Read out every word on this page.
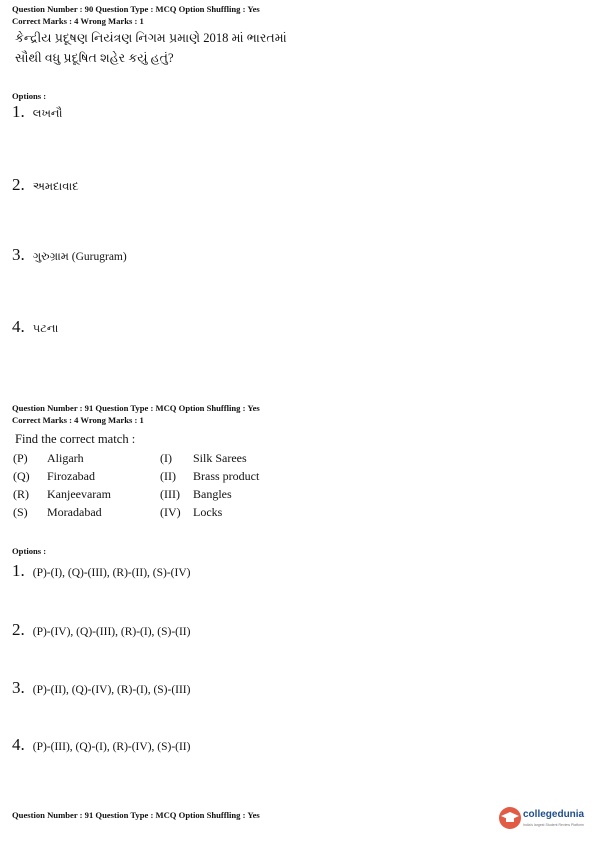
Question Number : 90 Question Type : MCQ Option Shuffling : Yes
Correct Marks : 4 Wrong Marks : 1
કેન્દ્રીય પ્રદૂષણ નિયંત્રણ નિગમ પ્રમાણે 2018 માં ભારતમાં
સૌથી વધુ પ્રદૂષિત શહેર કયું હતું?
Options :
1. લખનૌ
2. અમદાવાદ
3. ગુરુગ્રામ (Gurugram)
4. પટના
Question Number : 91 Question Type : MCQ Option Shuffling : Yes
Correct Marks : 4 Wrong Marks : 1
Find the correct match :
(P)	Aligarh	(I)	Silk Sarees
(Q)	Firozabad	(II)	Brass product
(R)	Kanjeevaram	(III)	Bangles
(S)	Moradabad	(IV)	Locks
Options :
1. (P)-(I), (Q)-(III), (R)-(II), (S)-(IV)
2. (P)-(IV), (Q)-(III), (R)-(I), (S)-(II)
3. (P)-(II), (Q)-(IV), (R)-(I), (S)-(III)
4. (P)-(III), (Q)-(I), (R)-(IV), (S)-(II)
Question Number : 91 Question Type : MCQ Option Shuffling : Yes	collegedunia
India's largest Student Review Platform
